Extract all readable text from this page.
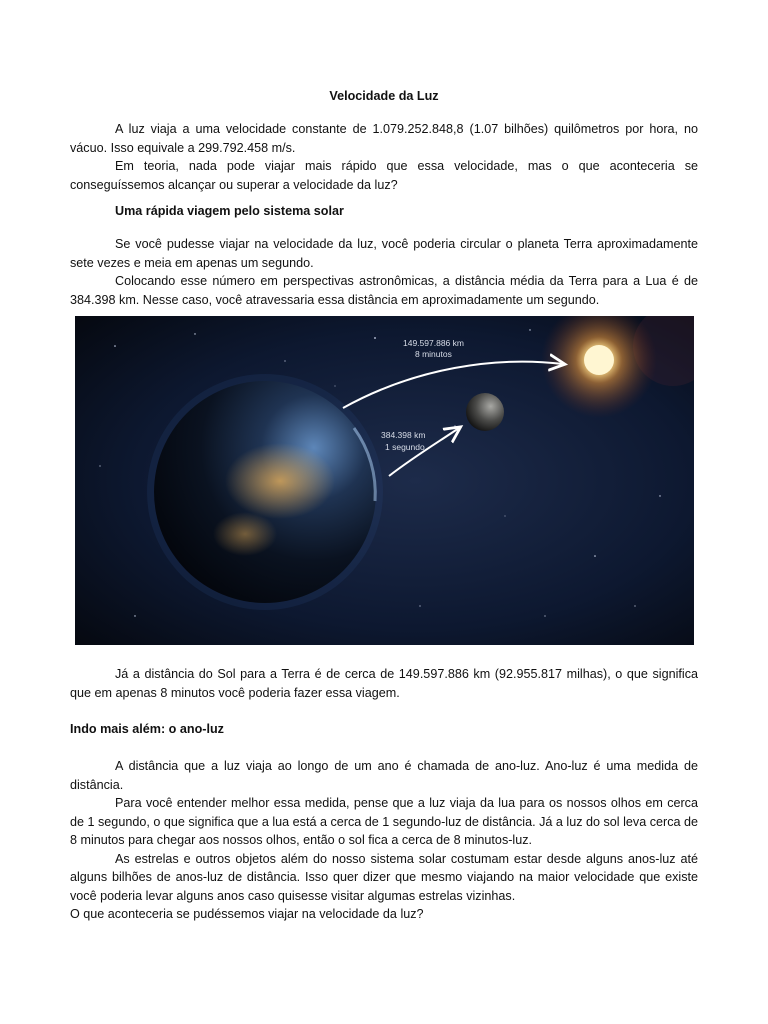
Velocidade da Luz

A luz viaja a uma velocidade constante de 1.079.252.848,8 (1.07 bilhões) quilômetros por hora, no vácuo. Isso equivale a 299.792.458 m/s.

Em teoria, nada pode viajar mais rápido que essa velocidade, mas o que aconteceria se conseguíssemos alcançar ou superar a velocidade da luz?

Uma rápida viagem pelo sistema solar

Se você pudesse viajar na velocidade da luz, você poderia circular o planeta Terra aproximadamente sete vezes e meia em apenas um segundo.

Colocando esse número em perspectivas astronômicas, a distância média da Terra para a Lua é de 384.398 km. Nesse caso, você atravessaria essa distância em aproximadamente um segundo.

149.597.886 km
8 minutos
384.398 km
1 segundo

Já a distância do Sol para a Terra é de cerca de 149.597.886 km (92.955.817 milhas), o que significa que em apenas 8 minutos você poderia fazer essa viagem.

Indo mais além: o ano-luz

A distância que a luz viaja ao longo de um ano é chamada de ano-luz. Ano-luz é uma medida de distância.

Para você entender melhor essa medida, pense que a luz viaja da lua para os nossos olhos em cerca de 1 segundo, o que significa que a lua está a cerca de 1 segundo-luz de distância. Já a luz do sol leva cerca de 8 minutos para chegar aos nossos olhos, então o sol fica a cerca de 8 minutos-luz.

As estrelas e outros objetos além do nosso sistema solar costumam estar desde alguns anos-luz até alguns bilhões de anos-luz de distância. Isso quer dizer que mesmo viajando na maior velocidade que existe você poderia levar alguns anos caso quisesse visitar algumas estrelas vizinhas.

O que aconteceria se pudéssemos viajar na velocidade da luz?
